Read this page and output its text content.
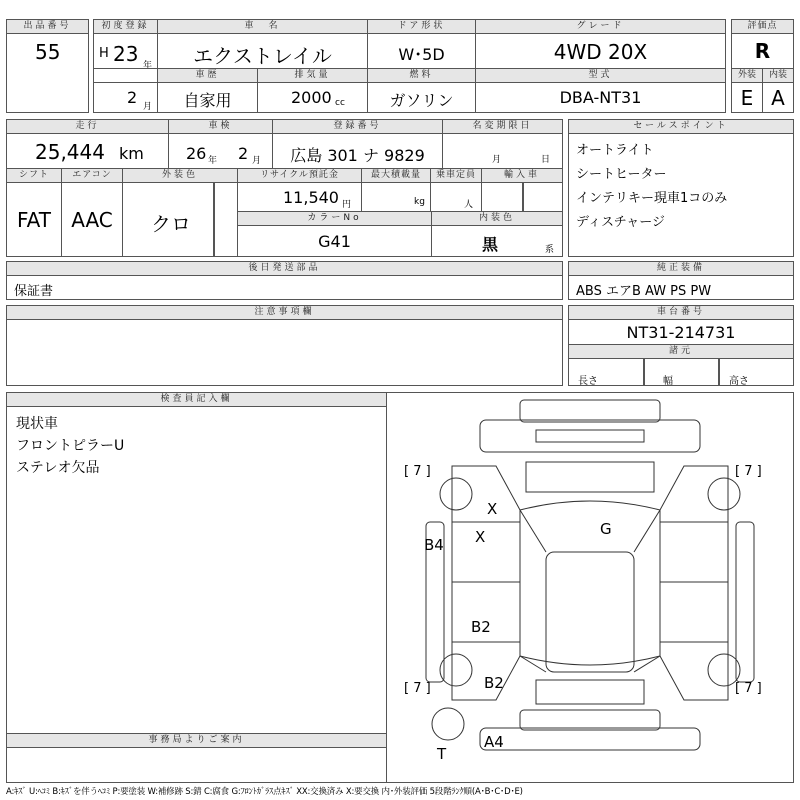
出品番号
55
初度登録
H 23 年
2 月
車　名
エクストレイル
ドア形状
W･5D
グレード
4WD 20X
評価点
R
車歴
自家用
排気量
2000 cc
燃料
ガソリン
型式
DBA-NT31
外装	内装
E A
走行
25,444 km
車検
26 年 2 月
登録番号
広島 301 ナ 9829
名変期限日
月	日
シフト
FAT
エアコン
AAC
外装色
クロ
リサイクル預託金
11,540 円
最大積載量
kg
乗車定員
人
輸入車
カラーNo
G41
内装色
黒	系
セールスポイント
オートライト
シートヒーター
インテリキー現車1コのみ
ディスチャージ
後日発送部品
保証書
純正装備
ABS エアB AW PS PW
注意事項欄	車台番号
NT31-214731
諸元
長さ	幅	高さ
検査員記入欄
現状車
フロントピラーU
ステレオ欠品
事務局よりご案内
[ 7 ]	[ 7 ]
[ 7 ]	[ 7 ]
X
X	G
B4
B2
B2
A4
T
A:ｷｽﾞ U:ﾍｺﾐ B:ｷｽﾞを伴うﾍｺﾐ P:要塗装 W:補修跡 S:錆 C:腐食 G:ﾌﾛﾝﾄｶﾞﾗｽ点ｷｽﾞ XX:交換済み X:要交換 内･外装評価 5段階ﾗﾝｸ順(A･B･C･D･E)
